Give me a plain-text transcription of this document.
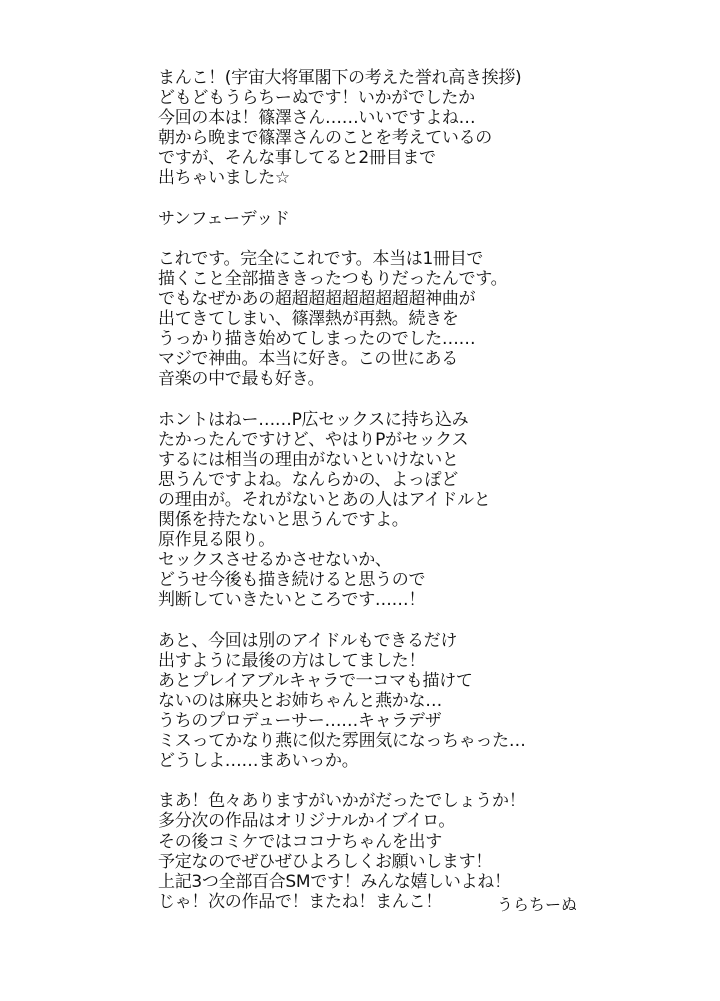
まんこ！(宇宙大将軍閣下の考えた誉れ高き挨拶)
どもどもうらちーぬです！いかがでしたか
今回の本は！篠澤さん……いいですよね…
朝から晩まで篠澤さんのことを考えているの
ですが、そんな事してると2冊目まで
出ちゃいました☆
サンフェーデッド
これです。完全にこれです。本当は1冊目で
描くこと全部描ききったつもりだったんです。
でもなぜかあの超超超超超超超超超神曲が
出てきてしまい、篠澤熱が再熱。続きを
うっかり描き始めてしまったのでした……
マジで神曲。本当に好き。この世にある
音楽の中で最も好き。
ホントはねー……P広セックスに持ち込み
たかったんですけど、やはりPがセックス
するには相当の理由がないといけないと
思うんですよね。なんらかの、よっぽど
の理由が。それがないとあの人はアイドルと
関係を持たないと思うんですよ。
原作見る限り。
セックスさせるかさせないか、
どうせ今後も描き続けると思うので
判断していきたいところです……！
あと、今回は別のアイドルもできるだけ
出すように最後の方はしてました！
あとプレイアブルキャラで一コマも描けて
ないのは麻央とお姉ちゃんと燕かな…
うちのプロデューサー……キャラデザ
ミスってかなり燕に似た雰囲気になっちゃった…
どうしよ……まあいっか。
まあ！色々ありますがいかがだったでしょうか！
多分次の作品はオリジナルかイブイロ。
その後コミケではココナちゃんを出す
予定なのでぜひぜひよろしくお願いします！
上記3つ全部百合SMです！みんな嬉しいよね！
じゃ！次の作品で！またね！まんこ！	うらちーぬ
